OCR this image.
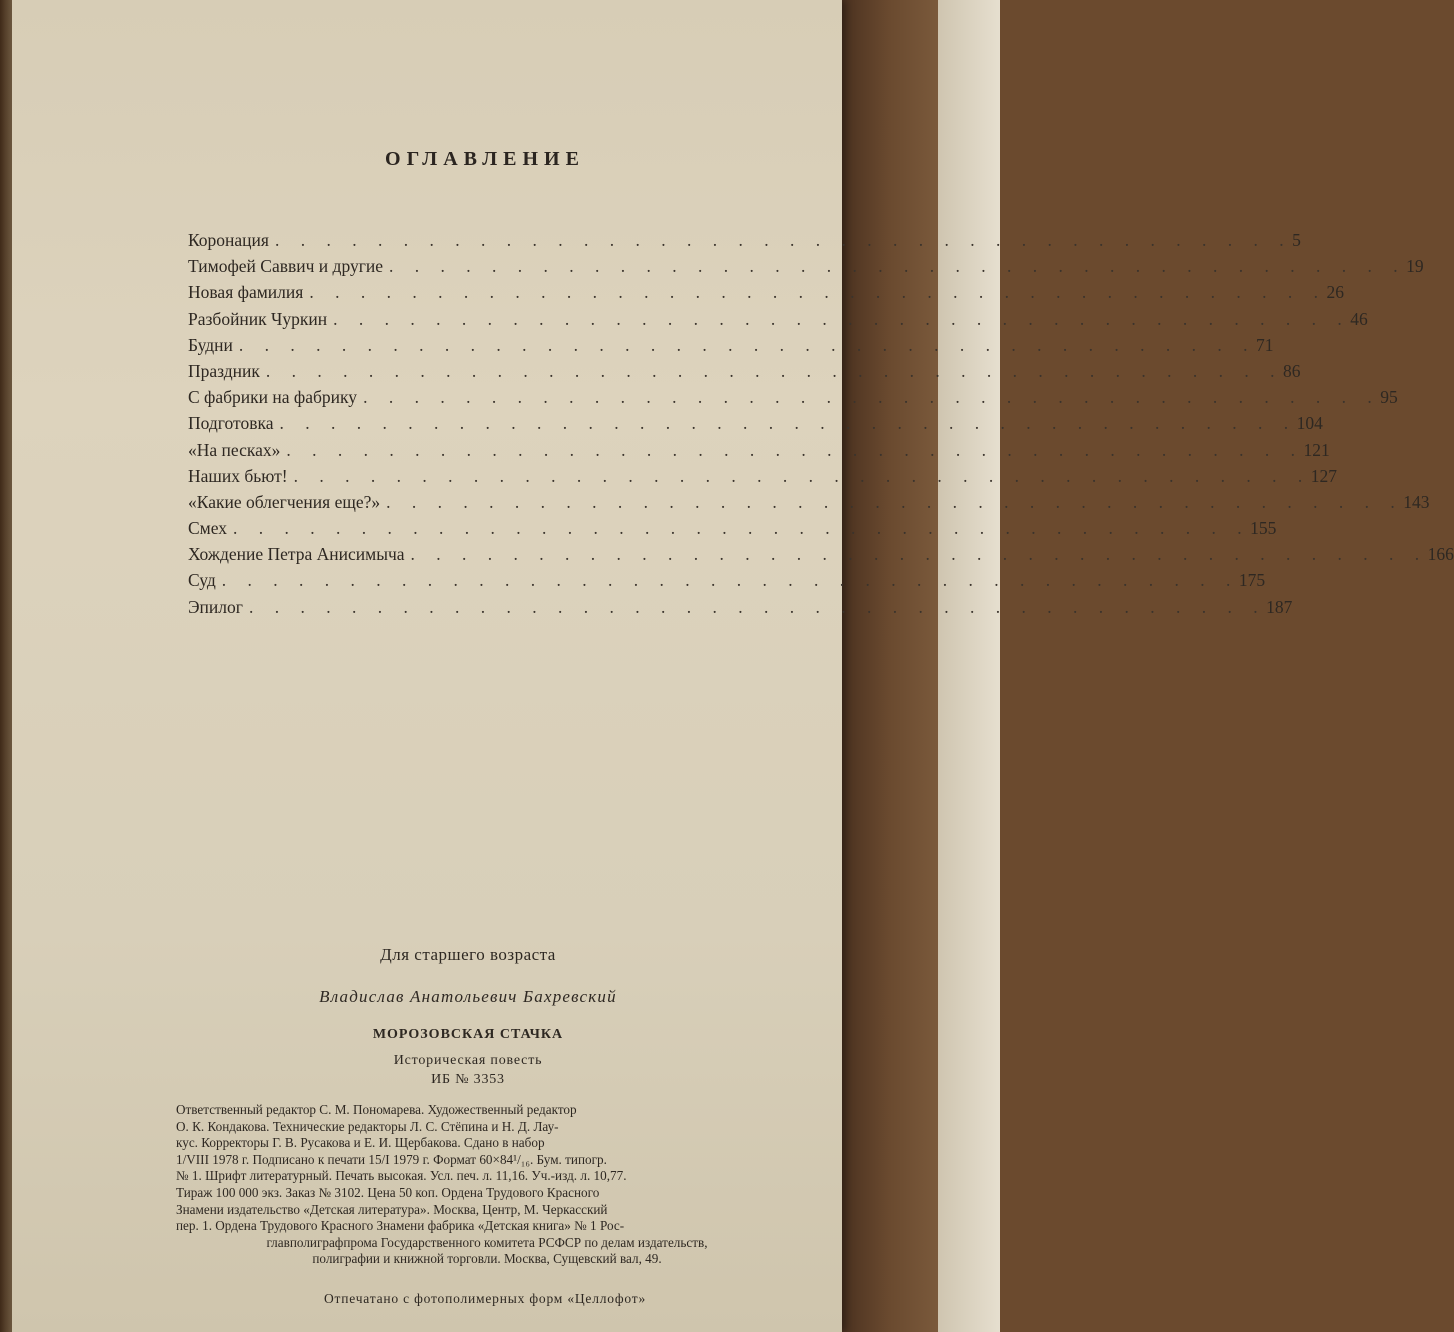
ОГЛАВЛЕНИЕ
Коронация . . . . . . . . . . . . . . . . . . . . . . . . . . . . . . . . . . . . . . . . 5
Тимофей Саввич и другие . . . . . . . . . . . . . . . . . . . . . . . . . . . . . . . . . . . . . . . . 19
Новая фамилия . . . . . . . . . . . . . . . . . . . . . . . . . . . . . . . . . . . . . . . . 26
Разбойник Чуркин . . . . . . . . . . . . . . . . . . . . . . . . . . . . . . . . . . . . . . . . 46
Будни . . . . . . . . . . . . . . . . . . . . . . . . . . . . . . . . . . . . . . . . 71
Праздник . . . . . . . . . . . . . . . . . . . . . . . . . . . . . . . . . . . . . . . . 86
С фабрики на фабрику . . . . . . . . . . . . . . . . . . . . . . . . . . . . . . . . . . . . . . . . 95
Подготовка . . . . . . . . . . . . . . . . . . . . . . . . . . . . . . . . . . . . . . . . 104
«На песках» . . . . . . . . . . . . . . . . . . . . . . . . . . . . . . . . . . . . . . . . 121
Наших бьют! . . . . . . . . . . . . . . . . . . . . . . . . . . . . . . . . . . . . . . . . 127
«Какие облегчения еще?» . . . . . . . . . . . . . . . . . . . . . . . . . . . . . . . . . . . . . . . . 143
Смех . . . . . . . . . . . . . . . . . . . . . . . . . . . . . . . . . . . . . . . . 155
Хождение Петра Анисимыча . . . . . . . . . . . . . . . . . . . . . . . . . . . . . . . . . . . . . . . . 166
Суд . . . . . . . . . . . . . . . . . . . . . . . . . . . . . . . . . . . . . . . . 175
Эпилог . . . . . . . . . . . . . . . . . . . . . . . . . . . . . . . . . . . . . . . . 187
Для старшего возраста
Владислав Анатольевич Бахревский
МОРОЗОВСКАЯ СТАЧКА
Историческая повесть
ИБ № 3353
Ответственный редактор С. М. Пономарева. Художественный редактор
О. К. Кондакова. Технические редакторы Л. С. Стёпина и Н. Д. Лау-
кус. Корректоры Г. В. Русакова и Е. И. Щербакова. Сдано в набор
1/VIII 1978 г. Подписано к печати 15/I 1979 г. Формат 60×84¹/₁₆. Бум. типогр.
№ 1. Шрифт литературный. Печать высокая. Усл. печ. л. 11,16. Уч.-изд. л. 10,77.
Тираж 100 000 экз. Заказ № 3102. Цена 50 коп. Ордена Трудового Красного
Знамени издательство «Детская литература». Москва, Центр, М. Черкасский
пер. 1. Ордена Трудового Красного Знамени фабрика «Детская книга» № 1 Рос-
главполиграфпрома Государственного комитета РСФСР по делам издательств,
полиграфии и книжной торговли. Москва, Сущевский вал, 49.
Отпечатано с фотополимерных форм «Целлофот»
